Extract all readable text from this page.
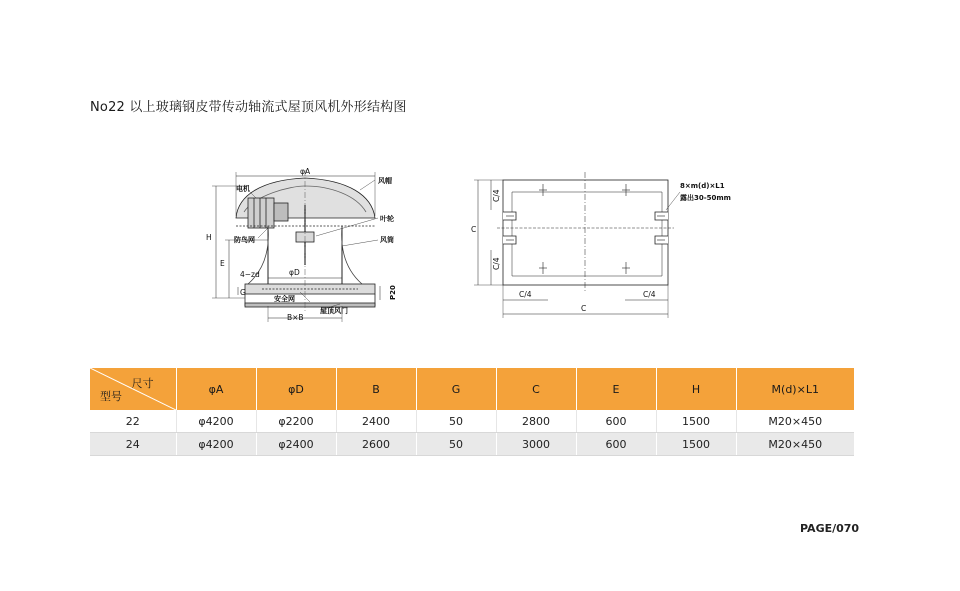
No22 以上玻璃钢皮带传动轴流式屋顶风机外形结构图
φA
H
E
φD
4−zd
G
B×B
P20
电机
风帽
叶轮
防鸟网	风筒
安全网
屋顶风门
C
C/4
C/4
C/4	C/4
C
8×m(d)×L1
露出30-50mm
尺寸
型号	φA	φD	B	G	C	E	H	M(d)×L1
22	φ4200	φ2200	2400	50	2800	600	1500	M20×450
24	φ4200	φ2400	2600	50	3000	600	1500	M20×450
PAGE/070
